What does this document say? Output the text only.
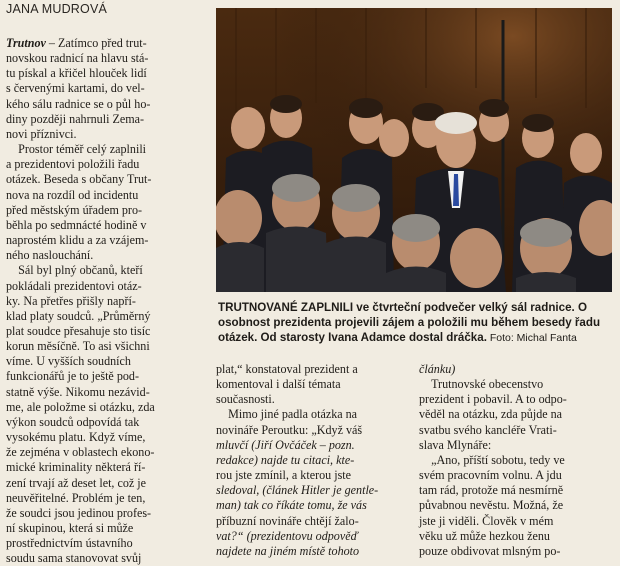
JANA MUDROVÁ

Trutnov – Zatímco před trut-
novskou radnicí na hlavu stá-
tu pískal a křičel hlouček lidí
s červenými kartami, do vel-
kého sálu radnice se o půl ho-
diny později nahrnuli Zema-
novi příznivci.
 Prostor téměř celý zaplnili
a prezidentovi položili řadu
otázek. Beseda s občany Trut-
nova na rozdíl od incidentu
před městským úřadem pro-
běhla po sedmnácté hodině v
naprostém klidu a za vzájem-
ného naslouchání.
 Sál byl plný občanů, kteří
pokládali prezidentovi otáz-
ky. Na přetřes přišly napří-
klad platy soudců. „Průměrný
plat soudce přesahuje sto tisíc
korun měsíčně. To asi všichni
víme. U vyšších soudních
funkcionářů je to ještě pod-
statně výše. Nikomu nezávid-
me, ale položme si otázku, zda
výkon soudců odpovídá tak
vysokému platu. Když víme,
že zejména v oblastech ekono-
mické kriminality některá ří-
zení trvají až deset let, což je
neuvěřitelné. Problém je ten,
že soudci jsou jedinou profes-
ní skupinou, která si může
prostřednictvím ústavního
soudu sama stanovovat svůj

TRUTNOVANÉ ZAPLNILI ve čtvrteční podvečer velký sál radnice. O osobnost prezidenta projevili zájem a položili mu během besedy řadu otázek. Od starosty Ivana Adamce dostal dráčka. Foto: Michal Fanta

plat,“ konstatoval prezident a
komentoval i další témata
současnosti.
 Mimo jiné padla otázka na
novináře Peroutku: „Když váš
mluvčí (Jiří Ovčáček – pozn.
redakce) najde tu citaci, kte-
rou jste zmínil, a kterou jste
sledoval, (článek Hitler je gentle-
man) tak co říkáte tomu, že vás
příbuzní novináře chtějí žalo-
vat?“ (prezidentovu odpověď
najdete na jiném místě tohoto

článku)
 Trutnovské obecenstvo
prezident i pobavil. A to odpo-
věděl na otázku, zda půjde na
svatbu svého kancléře Vrati-
slava Mlynáře:
 „Ano, příští sobotu, tedy ve
svém pracovním volnu. A jdu
tam rád, protože má nesmírně
půvabnou nevěstu. Možná, že
jste ji viděli. Člověk v mém
věku už může hezkou ženu
pouze obdivovat mlsným po-
